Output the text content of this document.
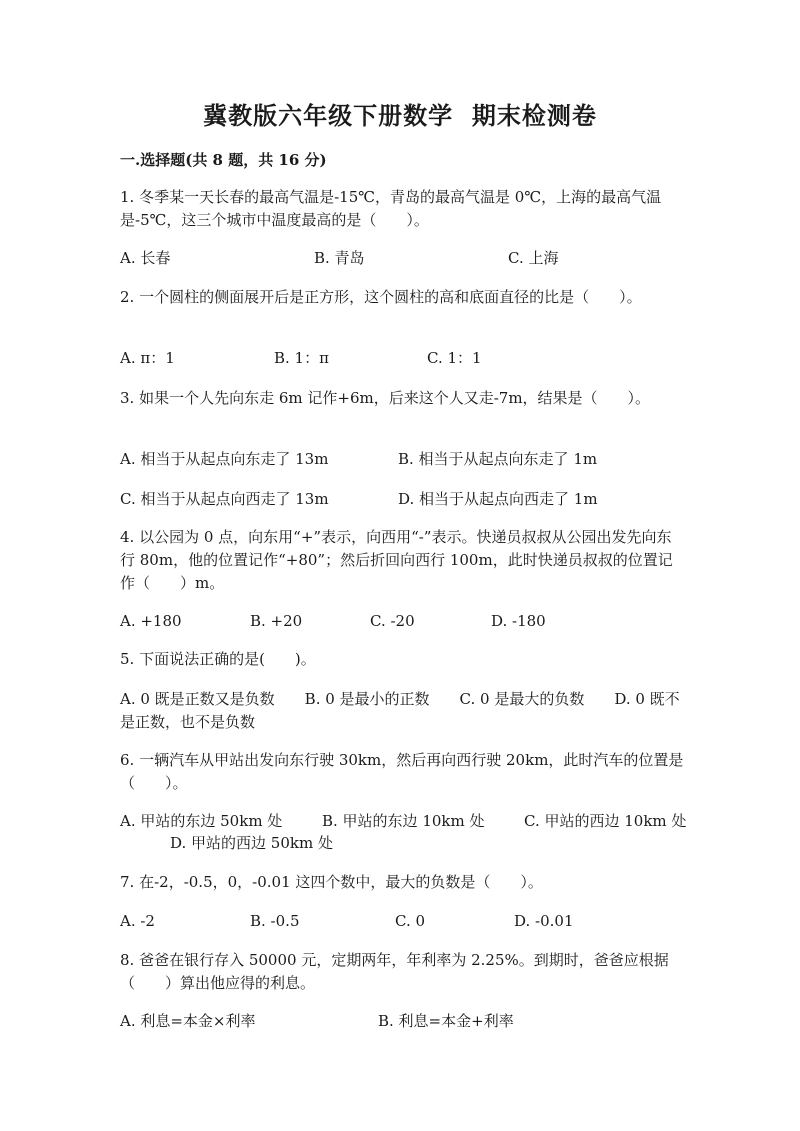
冀教版六年级下册数学  期末检测卷
一.选择题(共 8 题，共 16 分)
1. 冬季某一天长春的最高气温是-15℃，青岛的最高气温是 0℃，上海的最高气温是-5℃，这三个城市中温度最高的是（　　）。
A. 长春	B. 青岛	C. 上海
2. 一个圆柱的侧面展开后是正方形，这个圆柱的高和底面直径的比是（　　）。
A. π：1	B. 1：π	C. 1：1
3. 如果一个人先向东走 6m 记作+6m，后来这个人又走-7m，结果是（　　）。
A. 相当于从起点向东走了 13m	B. 相当于从起点向东走了 1m
C. 相当于从起点向西走了 13m	D. 相当于从起点向西走了 1m
4. 以公园为 0 点，向东用“+”表示，向西用“-”表示。快递员叔叔从公园出发先向东行 80m，他的位置记作“+80”；然后折回向西行 100m，此时快递员叔叔的位置记作（　　）m。
A. +180	B. +20	C. -20	D. -180
5. 下面说法正确的是(　　)。
A. 0 既是正数又是负数　　B. 0 是最小的正数　　C. 0 是最大的负数　　D. 0 既不是正数，也不是负数
6. 一辆汽车从甲站出发向东行驶 30km，然后再向西行驶 20km，此时汽车的位置是（　　）。
A. 甲站的东边 50km 处	B. 甲站的东边 10km 处	C. 甲站的西边 10km 处
D. 甲站的西边 50km 处
7. 在-2，-0.5，0，-0.01 这四个数中，最大的负数是（　　）。
A. -2	B. -0.5	C. 0	D. -0.01
8. 爸爸在银行存入 50000 元，定期两年，年利率为 2.25%。到期时，爸爸应根据（　　）算出他应得的利息。
A. 利息=本金×利率	B. 利息=本金+利率
